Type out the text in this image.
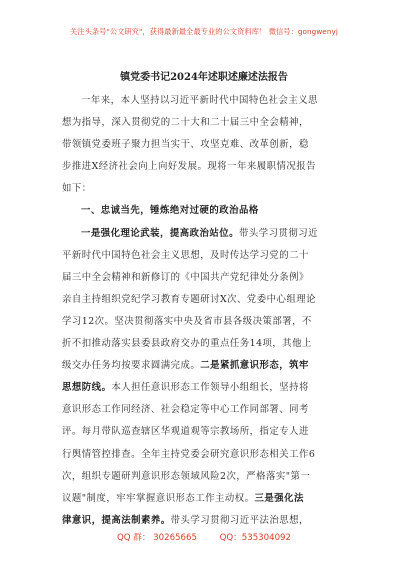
关注头条号"公文研究"，获得最新最全最专业的公文资料库！ 微信号：gongwenyj
镇党委书记2024年述职述廉述法报告
一年来，本人坚持以习近平新时代中国特色社会主义思
想为指导，深入贯彻党的二十大和二十届三中全会精神，
带领镇党委班子聚力担当实干、攻坚克难、改革创新，稳
步推进X经济社会向上向好发展。现将一年来履职情况报告
如下：
一、忠诚当先，锤炼绝对过硬的政治品格
一是强化理论武装，提高政治站位。带头学习贯彻习近
平新时代中国特色社会主义思想，及时传达学习党的二十
届三中全会精神和新修订的《中国共产党纪律处分条例》
亲自主持组织党纪学习教育专题研讨X次、党委中心组理论
学习12次。坚决贯彻落实中央及省市县各级决策部署，不
折不扣推动落实县委县政府交办的重点任务14项，其他上
级交办任务均按要求圆满完成。二是紧抓意识形态，筑牢
思想防线。本人担任意识形态工作领导小组组长，坚持将
意识形态工作同经济、社会稳定等中心工作同部署、同考
评。每月带队巡查辖区华观道观等宗教场所，指定专人进
行舆情管控排查。全年主持党委会研究意识形态相关工作6
次，组织专题研判意识形态领域风险2次，严格落实"第一
议题"制度，牢牢掌握意识形态工作主动权。三是强化法
律意识，提高法制素养。带头学习贯彻习近平法治思想，
QQ 群： 30265665	QQ：535304092
